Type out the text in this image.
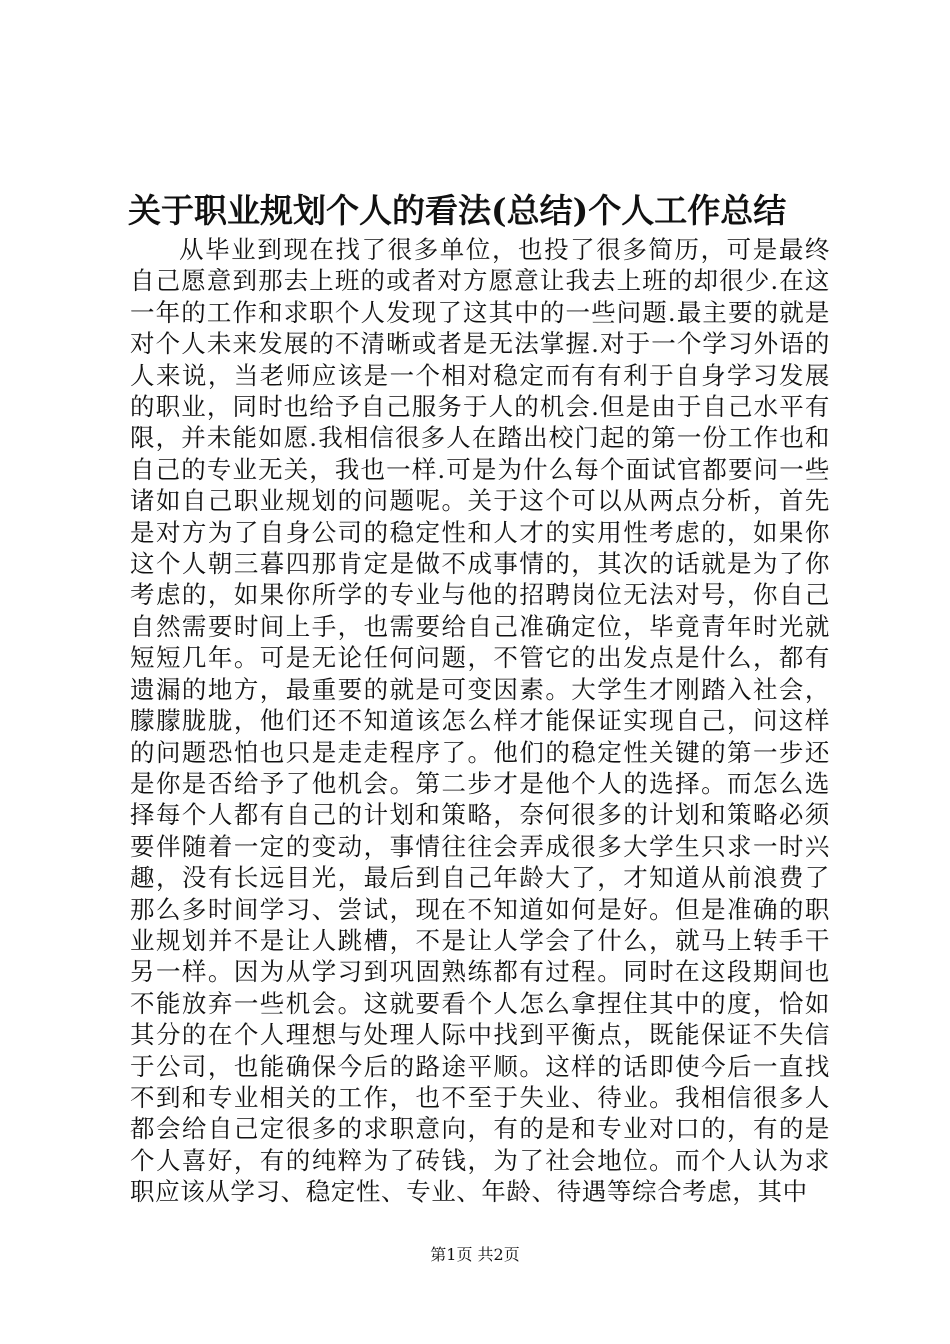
关于职业规划个人的看法(总结)个人工作总结

从毕业到现在找了很多单位，也投了很多简历，可是最终自己愿意到那去上班的或者对方愿意让我去上班的却很少.在这一年的工作和求职个人发现了这其中的一些问题.最主要的就是对个人未来发展的不清晰或者是无法掌握.对于一个学习外语的人来说，当老师应该是一个相对稳定而有有利于自身学习发展的职业，同时也给予自己服务于人的机会.但是由于自己水平有限，并未能如愿.我相信很多人在踏出校门起的第一份工作也和自己的专业无关，我也一样.可是为什么每个面试官都要问一些诸如自己职业规划的问题呢。关于这个可以从两点分析，首先是对方为了自身公司的稳定性和人才的实用性考虑的，如果你这个人朝三暮四那肯定是做不成事情的，其次的话就是为了你考虑的，如果你所学的专业与他的招聘岗位无法对号，你自己自然需要时间上手，也需要给自己准确定位，毕竟青年时光就短短几年。可是无论任何问题，不管它的出发点是什么，都有遗漏的地方，最重要的就是可变因素。大学生才刚踏入社会，朦朦胧胧，他们还不知道该怎么样才能保证实现自己，问这样的问题恐怕也只是走走程序了。他们的稳定性关键的第一步还是你是否给予了他机会。第二步才是他个人的选择。而怎么选择每个人都有自己的计划和策略，奈何很多的计划和策略必须要伴随着一定的变动，事情往往会弄成很多大学生只求一时兴趣，没有长远目光，最后到自己年龄大了，才知道从前浪费了那么多时间学习、尝试，现在不知道如何是好。但是准确的职业规划并不是让人跳槽，不是让人学会了什么，就马上转手干另一样。因为从学习到巩固熟练都有过程。同时在这段期间也不能放弃一些机会。这就要看个人怎么拿捏住其中的度，恰如其分的在个人理想与处理人际中找到平衡点，既能保证不失信于公司，也能确保今后的路途平顺。这样的话即使今后一直找不到和专业相关的工作，也不至于失业、待业。我相信很多人都会给自己定很多的求职意向，有的是和专业对口的，有的是个人喜好，有的纯粹为了砖钱，为了社会地位。而个人认为求职应该从学习、稳定性、专业、年龄、待遇等综合考虑，其中

第1页 共2页
